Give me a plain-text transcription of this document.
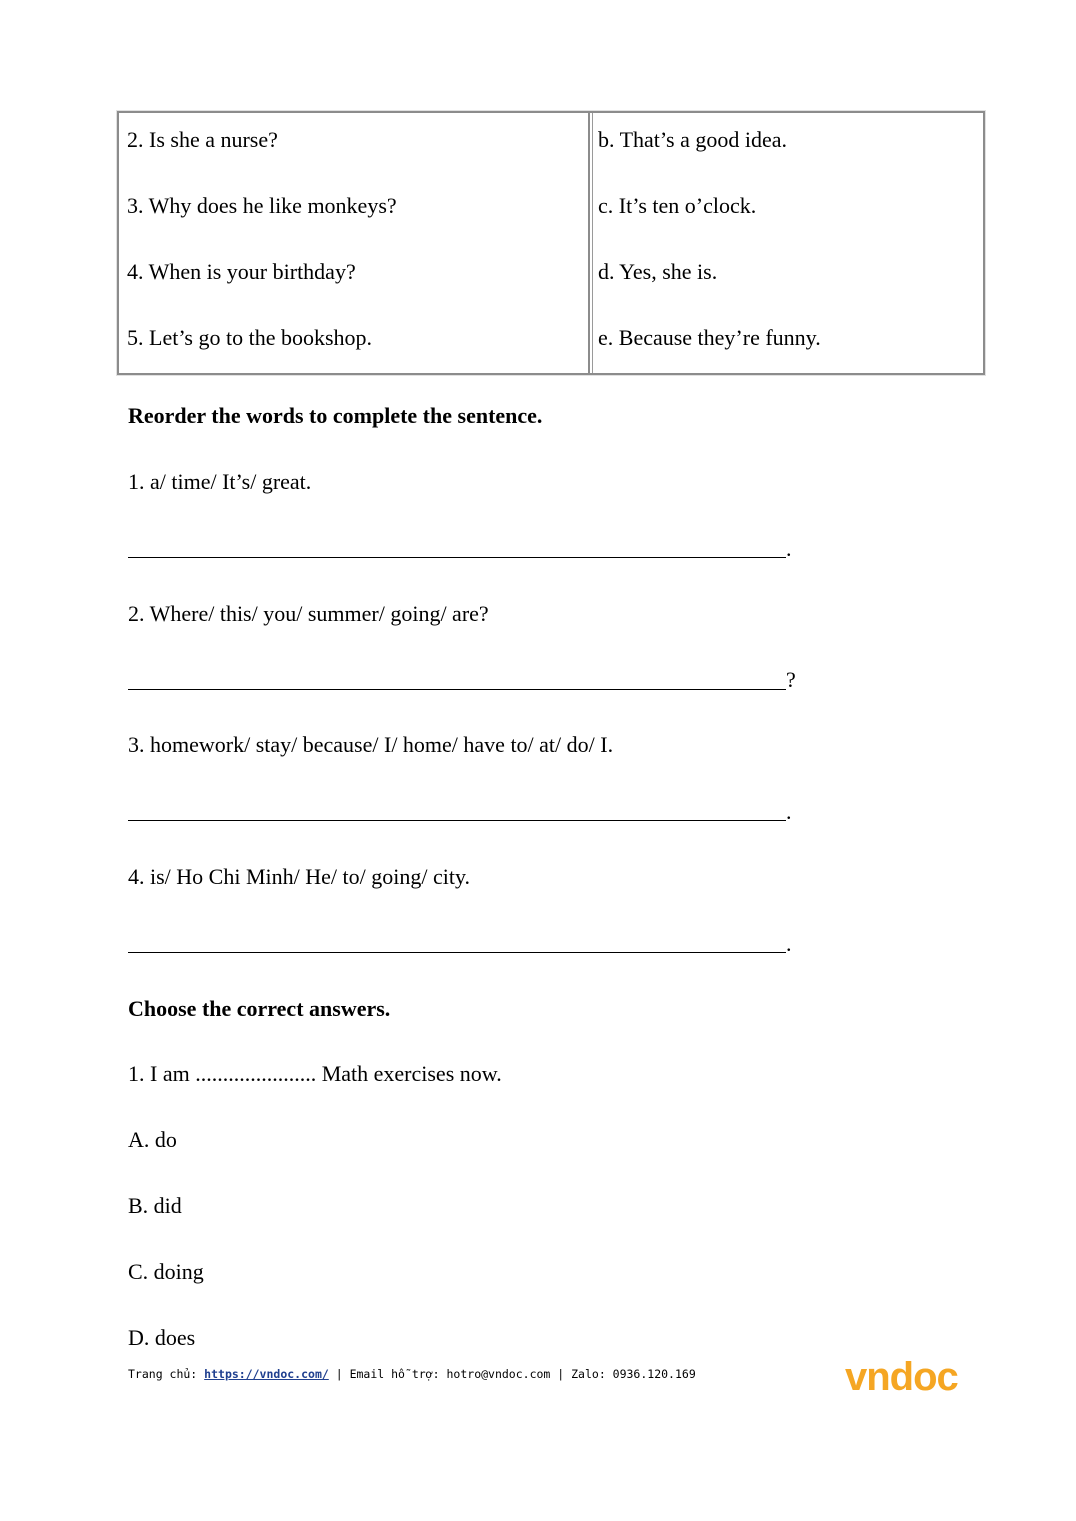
2. Is she a nurse?
3. Why does he like monkeys?
4. When is your birthday?
5. Let’s go to the bookshop.
b. That’s a good idea.
c. It’s ten o’clock.
d. Yes, she is.
e. Because they’re funny.
Reorder the words to complete the sentence.
1. a/ time/ It’s/ great.
.
2. Where/ this/ you/ summer/ going/ are?
?
3. homework/ stay/ because/ I/ home/ have to/ at/ do/ I.
.
4. is/ Ho Chi Minh/ He/ to/ going/ city.
.
Choose the correct answers.
1. I am ...................... Math exercises now.
A. do
B. did
C. doing
D. does
Trang chủ: https://vndoc.com/ | Email hỗ trợ: hotro@vndoc.com | Zalo: 0936.120.169	vndoc
